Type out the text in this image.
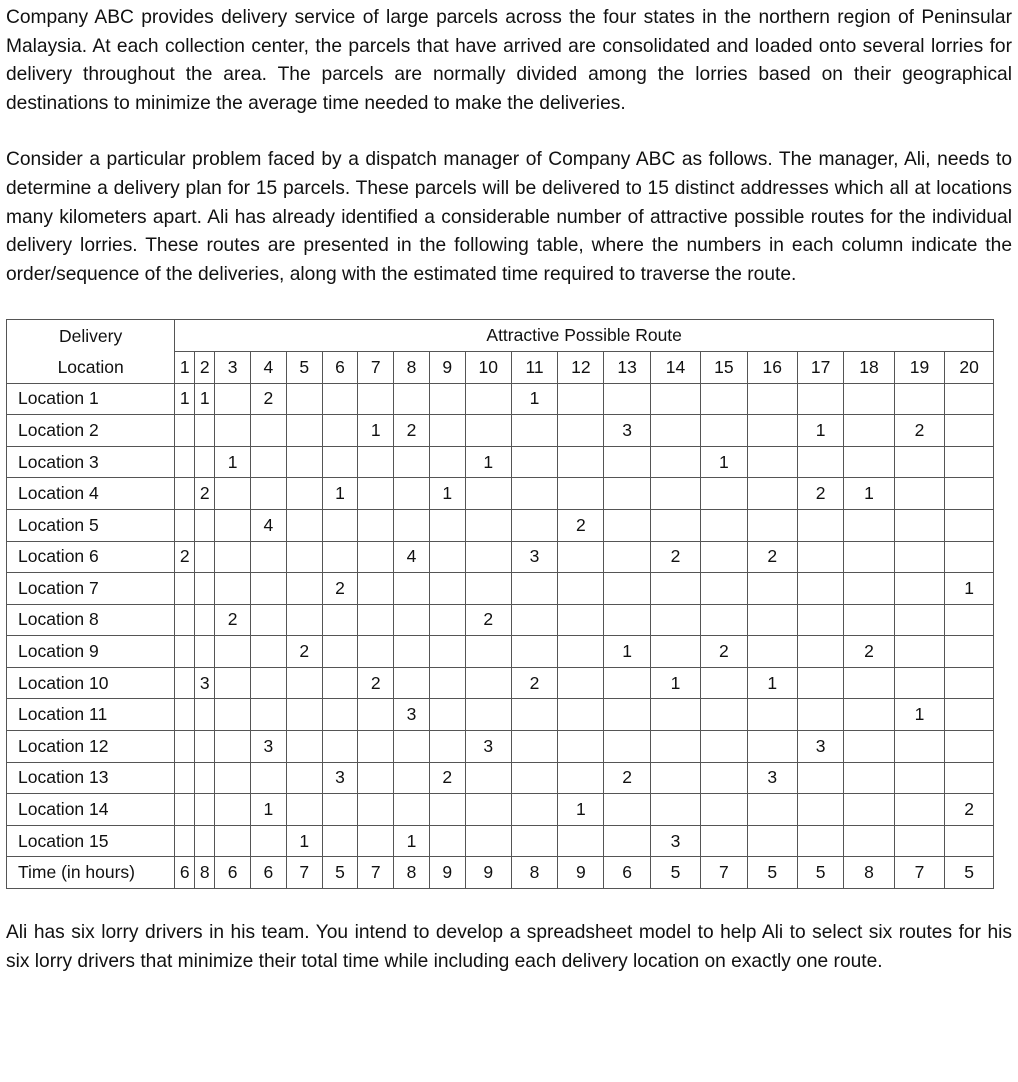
Company ABC provides delivery service of large parcels across the four states in the northern region of Peninsular Malaysia. At each collection center, the parcels that have arrived are consolidated and loaded onto several lorries for delivery throughout the area. The parcels are normally divided among the lorries based on their geographical destinations to minimize the average time needed to make the deliveries.

Consider a particular problem faced by a dispatch manager of Company ABC as follows. The manager, Ali, needs to determine a delivery plan for 15 parcels. These parcels will be delivered to 15 distinct addresses which all at locations many kilometers apart. Ali has already identified a considerable number of attractive possible routes for the individual delivery lorries. These routes are presented in the following table, where the numbers in each column indicate the order/sequence of the deliveries, along with the estimated time required to traverse the route.

Delivery	Attractive Possible Route																			
Location	1	2	3	4	5	6	7	8	9	10	11	12	13	14	15	16	17	18	19	20
Location 1	1	1		2							1									
Location 2							1	2					3				1		2	
Location 3			1							1					1					
Location 4		2				1			1								2	1		
Location 5				4								2								
Location 6	2							4			3			2		2				
Location 7						2														1
Location 8			2							2										
Location 9					2								1		2			2		
Location 10		3					2				2			1		1				
Location 11								3											1	
Location 12				3						3							3			
Location 13						3			2				2			3				
Location 14				1								1								2
Location 15					1			1						3						
Time (in hours)	6	8	6	6	7	5	7	8	9	9	8	9	6	5	7	5	5	8	7	5

Ali has six lorry drivers in his team. You intend to develop a spreadsheet model to help Ali to select six routes for his six lorry drivers that minimize their total time while including each delivery location on exactly one route.
